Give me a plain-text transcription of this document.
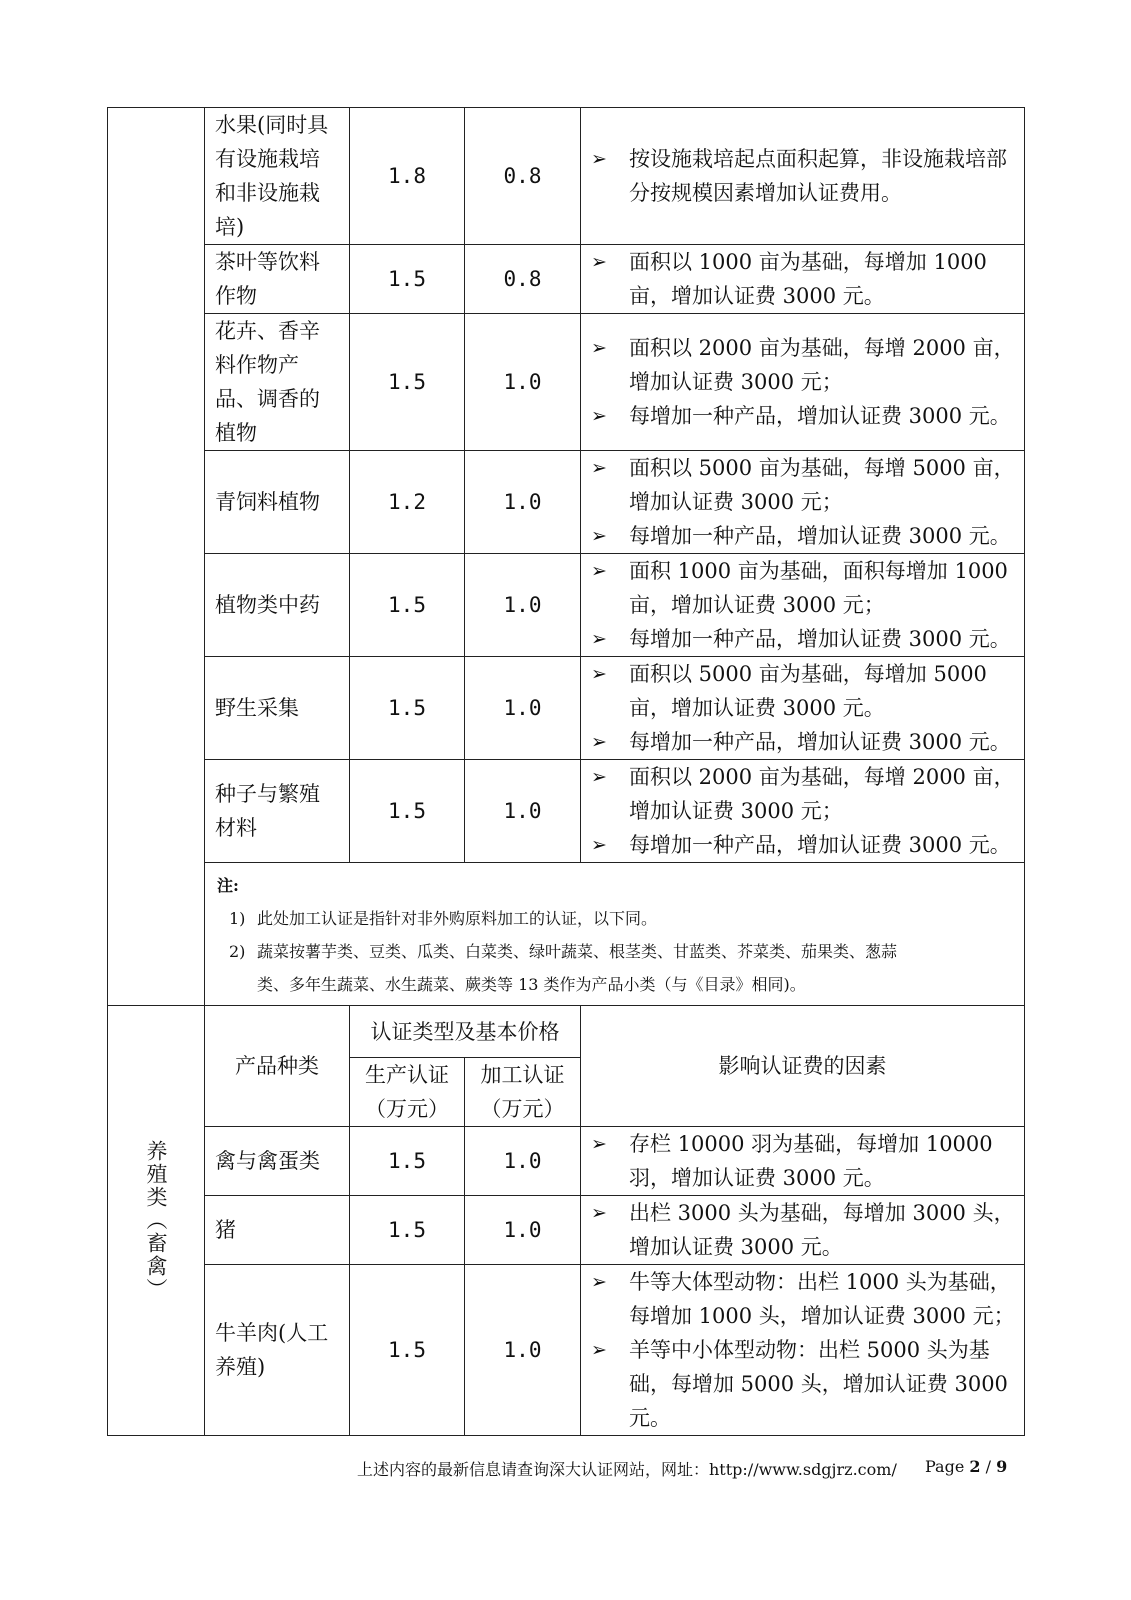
	水果(同时具有设施栽培和非设施栽培)	1.8	0.8	➢ 按设施栽培起点面积起算，非设施栽培部分按规模因素增加认证费用。

	茶叶等饮料作物	1.5	0.8	➢ 面积以 1000 亩为基础，每增加 1000 亩，增加认证费 3000 元。

	花卉、香辛料作物产品、调香的植物	1.5	1.0	➢ 面积以 2000 亩为基础，每增 2000 亩，增加认证费 3000 元；
➢ 每增加一种产品，增加认证费 3000 元。

	青饲料植物	1.2	1.0	➢ 面积以 5000 亩为基础，每增 5000 亩，增加认证费 3000 元；
➢ 每增加一种产品，增加认证费 3000 元。

	植物类中药	1.5	1.0	➢ 面积 1000 亩为基础，面积每增加 1000 亩，增加认证费 3000 元；
➢ 每增加一种产品，增加认证费 3000 元。

	野生采集	1.5	1.0	➢ 面积以 5000 亩为基础，每增加 5000 亩，增加认证费 3000 元。
➢ 每增加一种产品，增加认证费 3000 元。

	种子与繁殖材料	1.5	1.0	➢ 面积以 2000 亩为基础，每增 2000 亩，增加认证费 3000 元；
➢ 每增加一种产品，增加认证费 3000 元。

	注:
1) 此处加工认证是指针对非外购原料加工的认证，以下同。
2) 蔬菜按薯芋类、豆类、瓜类、白菜类、绿叶蔬菜、根茎类、甘蓝类、芥菜类、茄果类、葱蒜
类、多年生蔬菜、水生蔬菜、蕨类等 13 类作为产品小类（与《目录》相同)。			

养殖类（畜禽）	产品种类	认证类型及基本价格		影响认证费的因素
		生产认证（万元）	加工认证（万元）	
	禽与禽蛋类	1.5	1.0	➢ 存栏 10000 羽为基础，每增加 10000 羽，增加认证费 3000 元。

	猪	1.5	1.0	➢ 出栏 3000 头为基础，每增加 3000 头，增加认证费 3000 元。

	牛羊肉(人工养殖)	1.5	1.0	➢ 牛等大体型动物：出栏 1000 头为基础，每增加 1000 头，增加认证费 3000 元；
➢ 羊等中小体型动物：出栏 5000 头为基础，每增加 5000 头，增加认证费 3000 元。
上述内容的最新信息请查询深大认证网站，网址：http://www.sdgjrz.com/ Page 2 / 9
